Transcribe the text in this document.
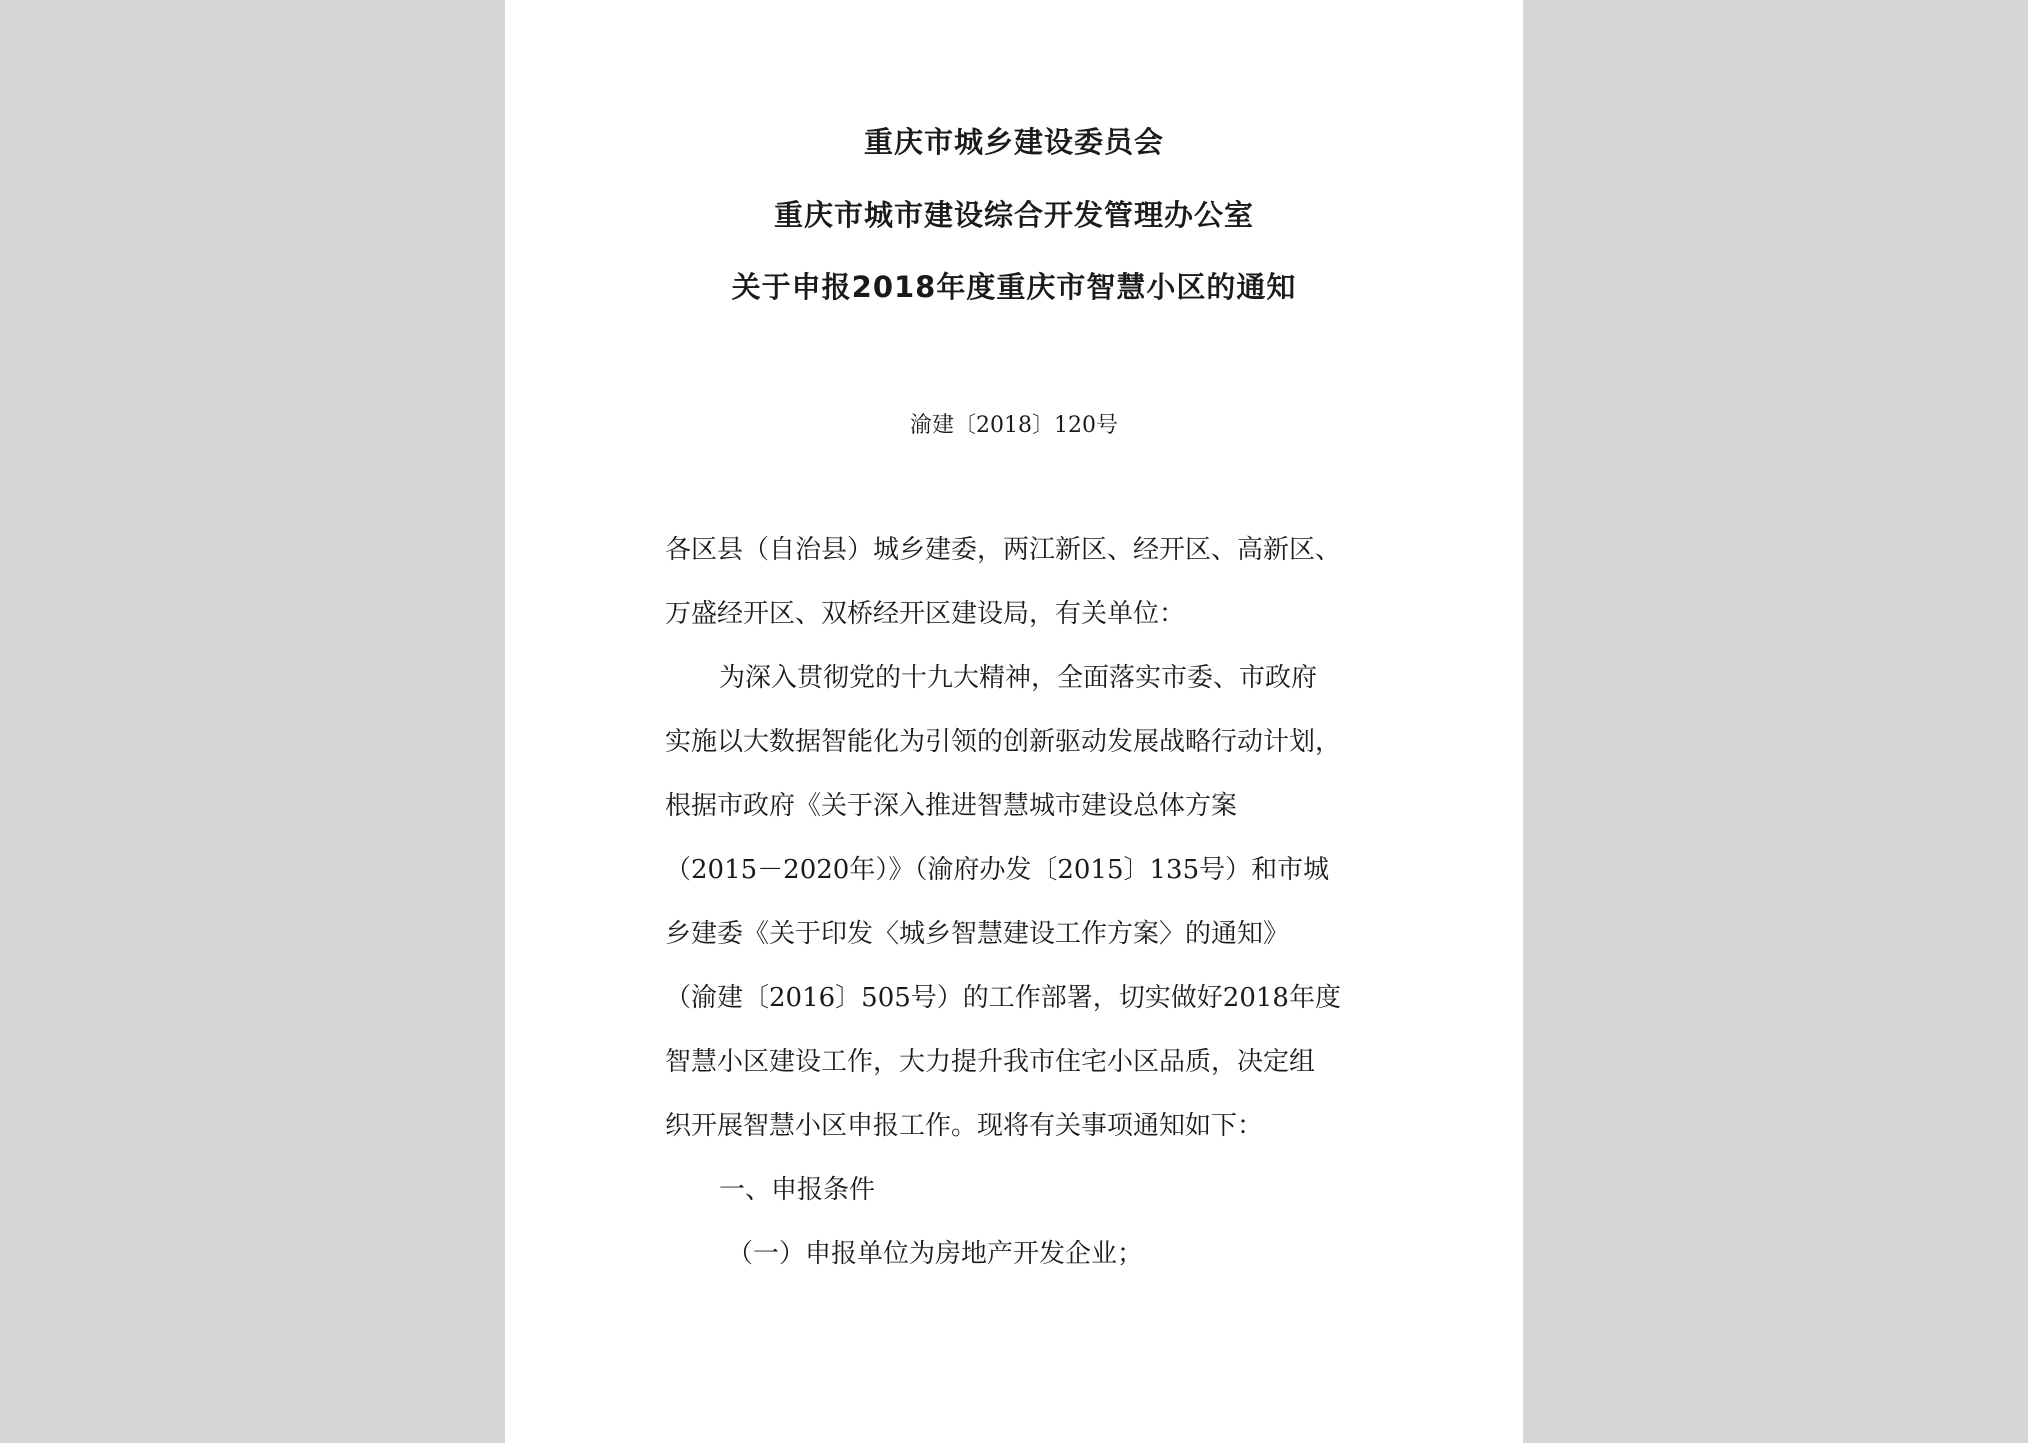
重庆市城乡建设委员会
重庆市城市建设综合开发管理办公室
关于申报2018年度重庆市智慧小区的通知
渝建〔2018〕120号
各区县（自治县）城乡建委，两江新区、经开区、高新区、
万盛经开区、双桥经开区建设局，有关单位：
为深入贯彻党的十九大精神，全面落实市委、市政府
实施以大数据智能化为引领的创新驱动发展战略行动计划，
根据市政府《关于深入推进智慧城市建设总体方案
（2015－2020年）》（渝府办发〔2015〕135号）和市城
乡建委《关于印发〈城乡智慧建设工作方案〉的通知》
（渝建〔2016〕505号）的工作部署，切实做好2018年度
智慧小区建设工作，大力提升我市住宅小区品质，决定组
织开展智慧小区申报工作。现将有关事项通知如下：
一、申报条件
（一）申报单位为房地产开发企业；
